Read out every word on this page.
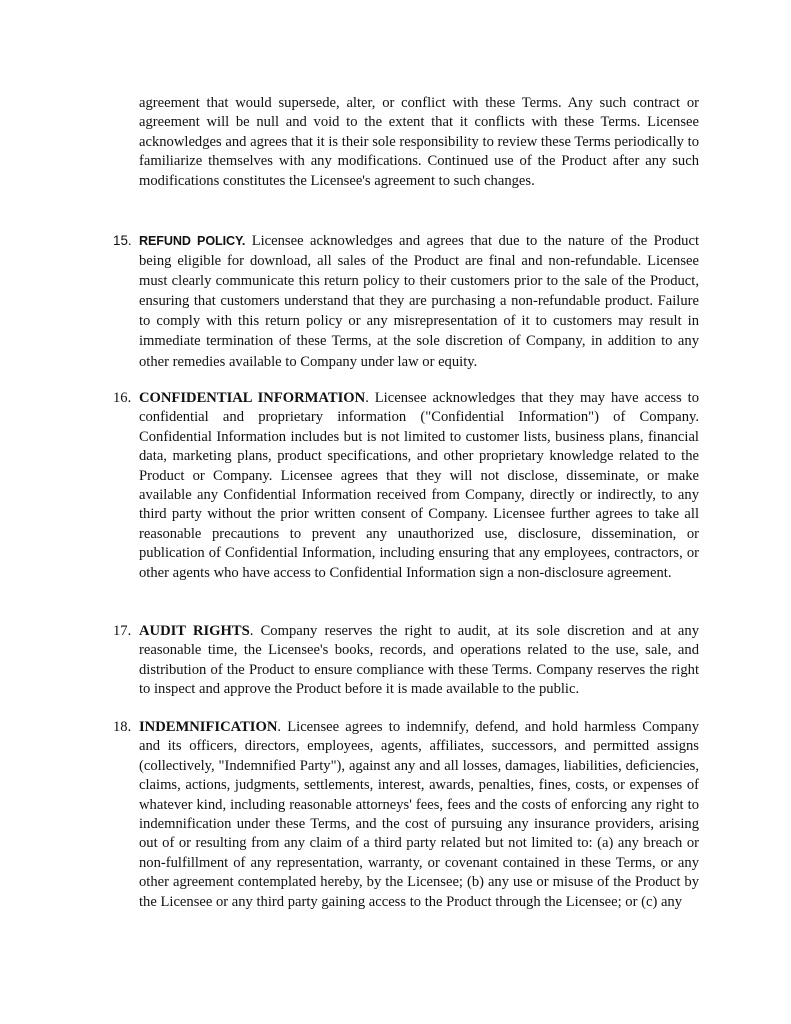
agreement that would supersede, alter, or conflict with these Terms. Any such contract or agreement will be null and void to the extent that it conflicts with these Terms. Licensee acknowledges and agrees that it is their sole responsibility to review these Terms periodically to familiarize themselves with any modifications. Continued use of the Product after any such modifications constitutes the Licensee's agreement to such changes.

15. REFUND POLICY. Licensee acknowledges and agrees that due to the nature of the Product being eligible for download, all sales of the Product are final and non-refundable. Licensee must clearly communicate this return policy to their customers prior to the sale of the Product, ensuring that customers understand that they are purchasing a non-refundable product. Failure to comply with this return policy or any misrepresentation of it to customers may result in immediate termination of these Terms, at the sole discretion of Company, in addition to any other remedies available to Company under law or equity.
16. CONFIDENTIAL INFORMATION. Licensee acknowledges that they may have access to confidential and proprietary information ("Confidential Information") of Company. Confidential Information includes but is not limited to customer lists, business plans, financial data, marketing plans, product specifications, and other proprietary knowledge related to the Product or Company. Licensee agrees that they will not disclose, disseminate, or make available any Confidential Information received from Company, directly or indirectly, to any third party without the prior written consent of Company. Licensee further agrees to take all reasonable precautions to prevent any unauthorized use, disclosure, dissemination, or publication of Confidential Information, including ensuring that any employees, contractors, or other agents who have access to Confidential Information sign a non-disclosure agreement.
17. AUDIT RIGHTS. Company reserves the right to audit, at its sole discretion and at any reasonable time, the Licensee's books, records, and operations related to the use, sale, and distribution of the Product to ensure compliance with these Terms. Company reserves the right to inspect and approve the Product before it is made available to the public.
18. INDEMNIFICATION. Licensee agrees to indemnify, defend, and hold harmless Company and its officers, directors, employees, agents, affiliates, successors, and permitted assigns (collectively, "Indemnified Party"), against any and all losses, damages, liabilities, deficiencies, claims, actions, judgments, settlements, interest, awards, penalties, fines, costs, or expenses of whatever kind, including reasonable attorneys' fees, fees and the costs of enforcing any right to indemnification under these Terms, and the cost of pursuing any insurance providers, arising out of or resulting from any claim of a third party related but not limited to: (a) any breach or non-fulfillment of any representation, warranty, or covenant contained in these Terms, or any other agreement contemplated hereby, by the Licensee; (b) any use or misuse of the Product by the Licensee or any third party gaining access to the Product through the Licensee; or (c) any
